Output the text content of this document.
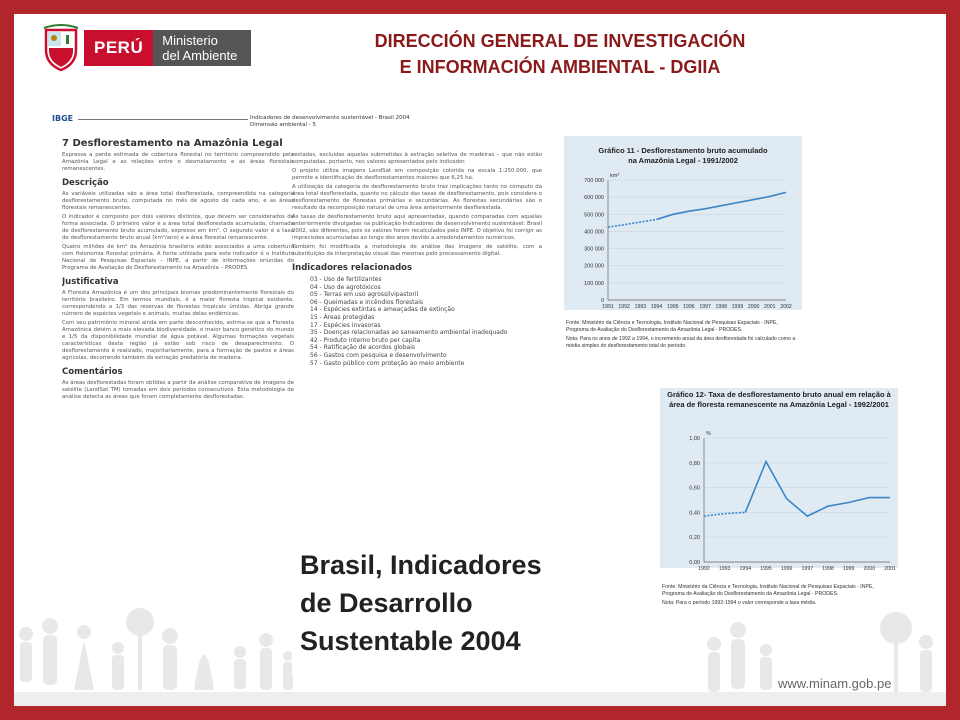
PERÚ	Ministerio
del Ambiente
DIRECCIÓN GENERAL DE INVESTIGACIÓN
E INFORMACIÓN AMBIENTAL - DGIIA
IBGE	Indicadores de desenvolvimento sustentável - Brasil 2004
Dimensão ambiental - 5
7 Desflorestamento na Amazônia Legal

Expressa a perda estimada de cobertura florestal no território compreendido pela Amazônia Legal e as relações entre o desmatamento e as áreas florestais remanescentes.

Descrição

As variáveis utilizadas são a área total desflorestada, compreendida na categoria desflorestamento bruto, computada no mês de agosto de cada ano, e as áreas florestais remanescentes.

O indicador é composto por dois valores distintos, que devem ser considerados de forma associada. O primeiro valor é a área total desflorestada acumulada, chamada de desflorestamento bruto acumulado, expresso em km². O segundo valor é a taxa de desflorestamento bruto anual (km²/ano) e a área florestal remanescente.

Quatro milhões de km² da Amazônia brasileira estão associados a uma cobertura com fisionomia florestal primária. A fonte utilizada para este indicador é o Instituto Nacional de Pesquisas Espaciais – INPE, a partir de informações oriundas do Programa de Avaliação do Desflorestamento na Amazônia – PRODES.

Justificativa

A Floresta Amazônica é um dos principais biomas predominantemente florestais do território brasileiro. Em termos mundiais, é a maior floresta tropical existente, correspondendo a 1/3 das reservas de florestas tropicais úmidas. Abriga grande número de espécies vegetais e animais, muitas delas endêmicas.

Com seu patrimônio mineral ainda em parte desconhecido, estima-se que a Floresta Amazônica detém a mais elevada biodiversidade, o maior banco genético do mundo e 1/5 da disponibilidade mundial de água potável. Algumas formações vegetais características desta região já estão sob risco de desaparecimento. O desflorestamento é realizado, majoritariamente, para a formação de pastos e áreas agrícolas, decorrendo também da extração predatória de madeira.

Comentários

As áreas desflorestadas foram obtidas a partir da análise comparativa de imagens de satélite (LandSat TM) tomadas em dois períodos consecutivos. Esta metodologia de análise detecta as áreas que foram completamente desflorestadas.

restadas, excluídas aquelas submetidas à extração seletiva de madeiras – que não estão computadas, portanto, nos valores apresentados pelo indicador.

O projeto utiliza imagens LandSat em composição colorida na escala 1:250.000, que permite a identificação de desflorestamentos maiores que 6,25 ha.

A utilização da categoria de desflorestamento bruto traz implicações tanto no cômputo da área total desflorestada, quanto no cálculo das taxas de desflorestamento, pois considera o desflorestamento de florestas primárias e secundárias. As florestas secundárias são o resultado da recomposição natural de uma área anteriormente desflorestada.

As taxas de desflorestamento bruto aqui apresentadas, quando comparadas com aquelas anteriormente divulgadas na publicação Indicadores de desenvolvimento sustentável: Brasil 2002, são diferentes, pois os valores foram recalculados pelo INPE. O objetivo foi corrigir as imprecisões acumuladas ao longo dos anos devido a arredondamentos numéricos.

Também foi modificada a metodologia de análise das imagens de satélite, com a substituição da interpretação visual das mesmas pelo processamento digital.

Indicadores relacionados
03 - Uso de fertilizantes
04 - Uso de agrotóxicos
05 - Terras em uso agrossilvipastoril
06 - Queimadas e incêndios florestais
14 - Espécies extintas e ameaçadas de extinção
15 - Áreas protegidas
17 - Espécies invasoras
35 - Doenças relacionadas ao saneamento ambiental inadequado
42 - Produto interno bruto per capita
54 - Ratificação de acordos globais
56 - Gastos com pesquisa e desenvolvimento
57 - Gasto público com proteção ao meio ambiente
Gráfico 11 - Desflorestamento bruto acumulado na Amazônia Legal - 1991/2002
0
100 000
200 000
300 000
400 000
500 000
600 000
700 000
km²
1991 1992 1993 1994 1995 1996 1997 1998 1999 2000 2001 2002
Fonte: Ministério da Ciência e Tecnologia, Instituto Nacional de Pesquisas Espaciais - INPE, Programa de Avaliação do Desflorestamento da Amazônia Legal - PRODES.
Nota: Para os anos de 1992 a 1994, o incremento anual da área desflorestada foi calculado como a média simples do desflorestamento total do período.
Gráfico 12- Taxa de desflorestamento bruto anual em relação à área de floresta remanescente na Amazônia Legal - 1992/2001
0,00
0,20
0,40
0,60
0,80
1,00
%
1992 1993 1994 1995 1996 1997 1998 1999 2000 2001
Fonte: Ministério da Ciência e Tecnologia, Instituto Nacional de Pesquisas Espaciais - INPE, Programa de Avaliação do Desflorestamento da Amazônia Legal - PRODES.
Nota: Para o período 1992-1994 o valor corresponde a taxa média.
www.minam.gob.pe
Brasil, Indicadores
de Desarrollo
Sustentable 2004
